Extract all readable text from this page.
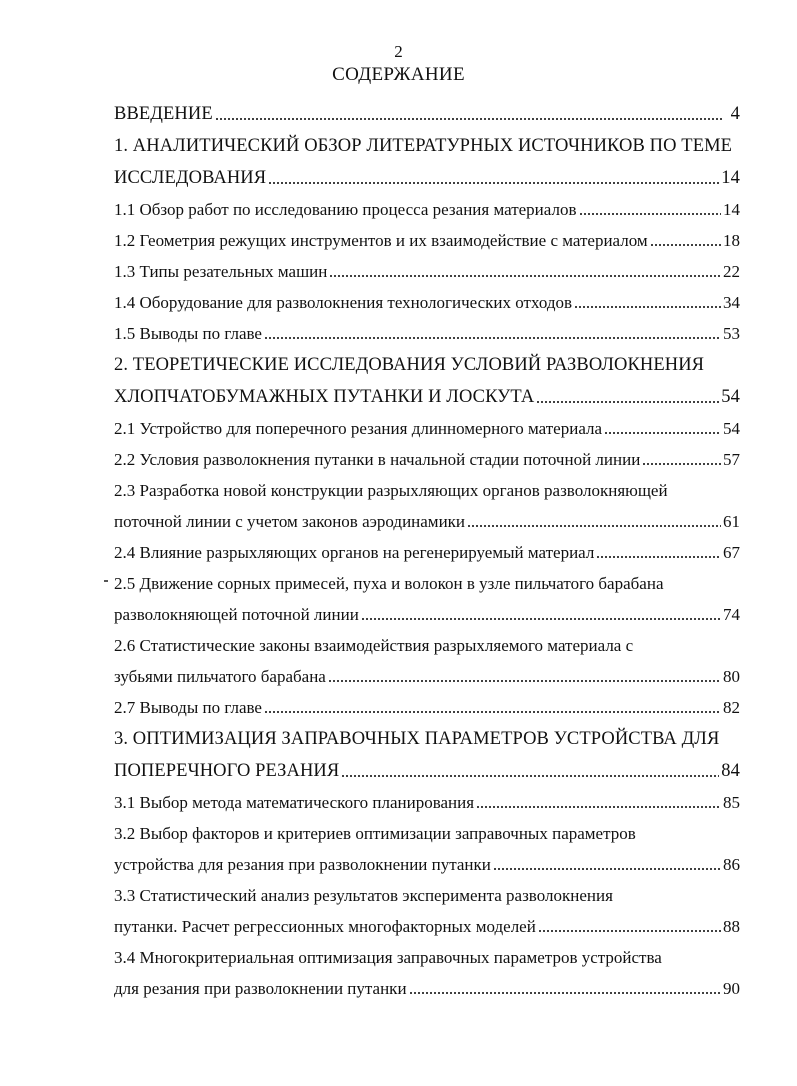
2
СОДЕРЖАНИЕ
ВВЕДЕНИЕ	4
1. АНАЛИТИЧЕСКИЙ ОБЗОР ЛИТЕРАТУРНЫХ ИСТОЧНИКОВ ПО ТЕМЕ
ИССЛЕДОВАНИЯ	14
1.1 Обзор работ по исследованию процесса резания материалов	14
1.2 Геометрия режущих инструментов и их взаимодействие с материалом	18
1.3 Типы резательных машин	22
1.4 Оборудование для разволокнения технологических отходов	34
1.5 Выводы по главе	53
2. ТЕОРЕТИЧЕСКИЕ ИССЛЕДОВАНИЯ УСЛОВИЙ РАЗВОЛОКНЕНИЯ
ХЛОПЧАТОБУМАЖНЫХ ПУТАНКИ И ЛОСКУТА	54
2.1 Устройство для поперечного резания длинномерного материала	54
2.2 Условия разволокнения путанки в начальной стадии поточной линии	57
2.3 Разработка новой конструкции разрыхляющих органов разволокняющей
поточной линии с учетом законов аэродинамики	61
2.4 Влияние разрыхляющих органов на регенерируемый материал	67
2.5 Движение сорных примесей, пуха и волокон в узле пильчатого барабана
разволокняющей поточной линии	74
2.6 Статистические законы взаимодействия разрыхляемого материала с
зубьями пильчатого барабана	80
2.7 Выводы по главе	82
3. ОПТИМИЗАЦИЯ ЗАПРАВОЧНЫХ ПАРАМЕТРОВ УСТРОЙСТВА ДЛЯ
ПОПЕРЕЧНОГО РЕЗАНИЯ	84
3.1 Выбор метода математического планирования	85
3.2 Выбор факторов и критериев оптимизации заправочных параметров
устройства для резания при разволокнении путанки	86
3.3 Статистический анализ результатов эксперимента разволокнения
путанки. Расчет регрессионных многофакторных моделей	88
3.4 Многокритериальная оптимизация заправочных параметров устройства
для резания при разволокнении путанки	90
